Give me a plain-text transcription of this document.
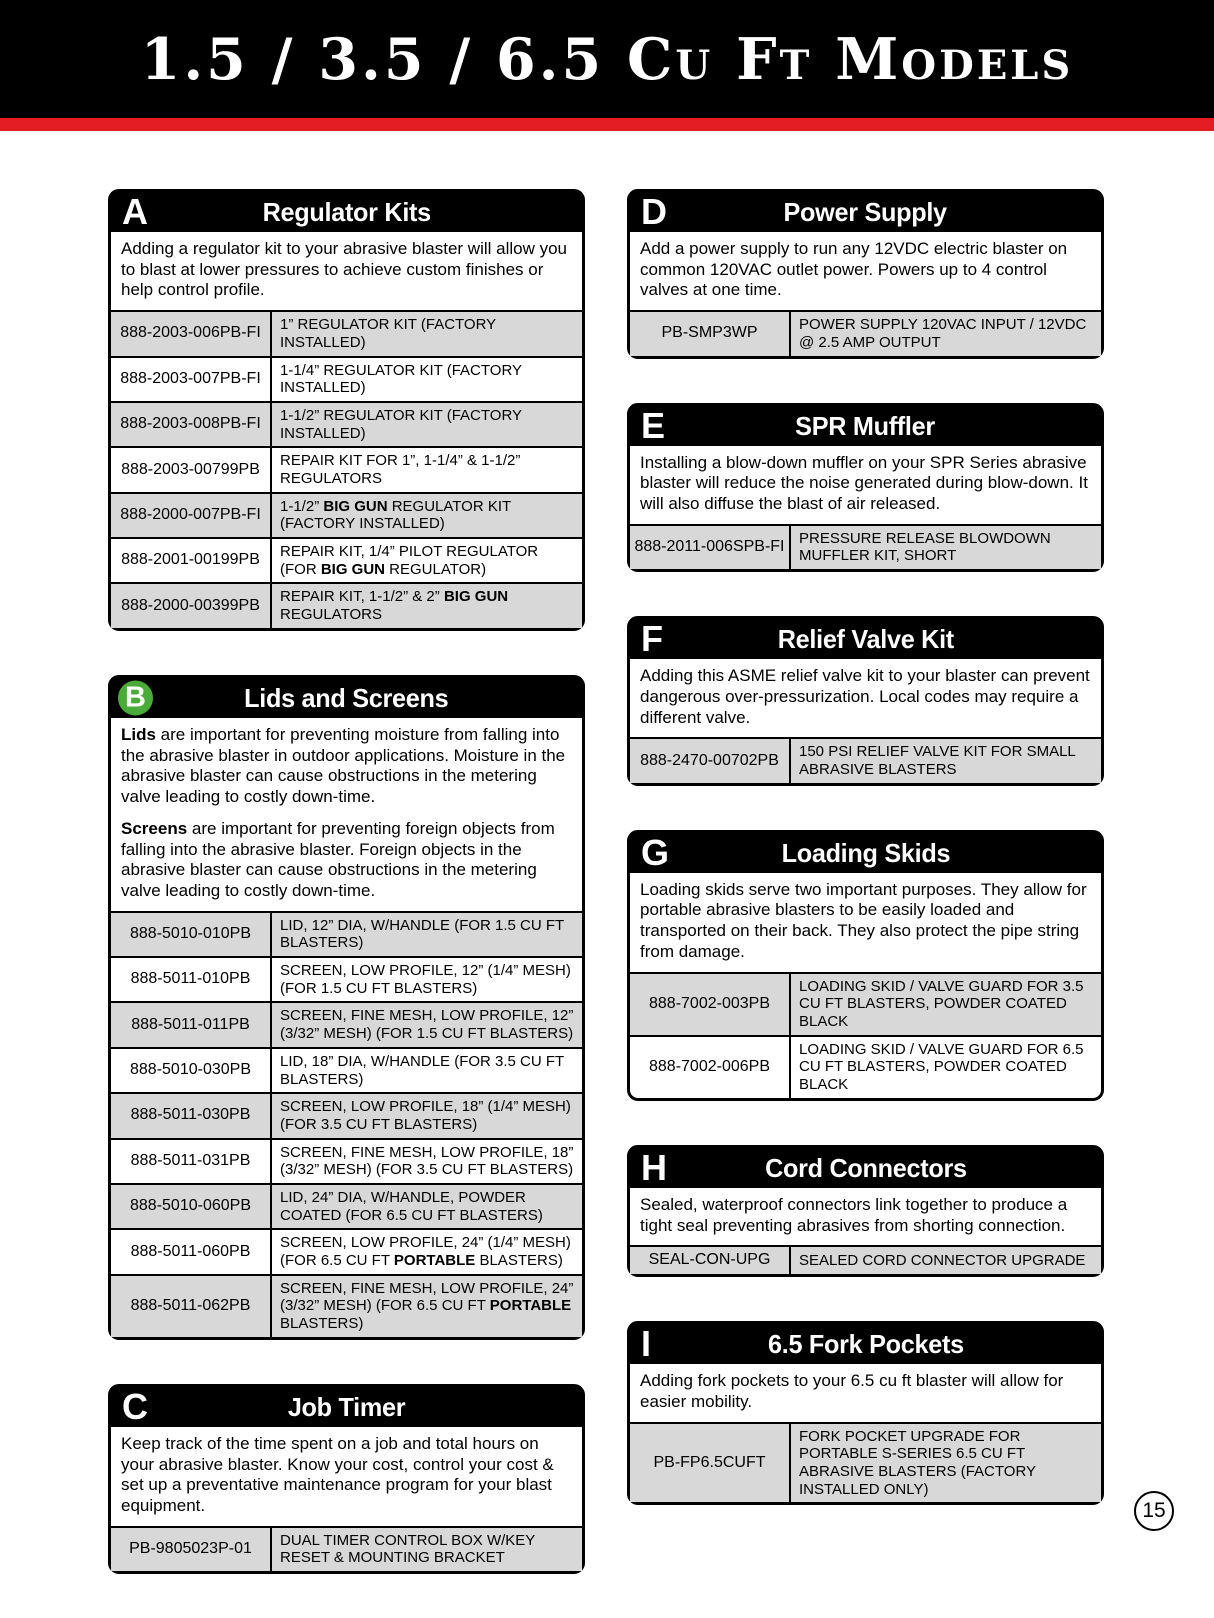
1.5 / 3.5 / 6.5 Cu Ft Models
A	Regulator Kits

Adding a regulator kit to your abrasive blaster will allow you to blast at lower pressures to achieve custom finishes or help control profile.

888-2003-006PB-FI	1” REGULATOR KIT (FACTORY INSTALLED)
888-2003-007PB-FI	1-1/4” REGULATOR KIT (FACTORY INSTALLED)
888-2003-008PB-FI	1-1/2” REGULATOR KIT (FACTORY INSTALLED)
888-2003-00799PB	REPAIR KIT FOR 1”, 1-1/4” & 1-1/2” REGULATORS
888-2000-007PB-FI	1-1/2” BIG GUN REGULATOR KIT (FACTORY INSTALLED)
888-2001-00199PB	REPAIR KIT, 1/4” PILOT REGULATOR (FOR BIG GUN REGULATOR)
888-2000-00399PB	REPAIR KIT, 1-1/2” & 2” BIG GUN REGULATORS
B	Lids and Screens

Lids are important for preventing moisture from falling into the abrasive blaster in outdoor applications. Moisture in the abrasive blaster can cause obstructions in the metering valve leading to costly down-time.

Screens are important for preventing foreign objects from falling into the abrasive blaster. Foreign objects in the abrasive blaster can cause obstructions in the metering valve leading to costly down-time.

888-5010-010PB	LID, 12” DIA, W/HANDLE (FOR 1.5 CU FT BLASTERS)
888-5011-010PB	SCREEN, LOW PROFILE, 12” (1/4” MESH) (FOR 1.5 CU FT BLASTERS)
888-5011-011PB	SCREEN, FINE MESH, LOW PROFILE, 12” (3/32” MESH) (FOR 1.5 CU FT BLASTERS)
888-5010-030PB	LID, 18” DIA, W/HANDLE (FOR 3.5 CU FT BLASTERS)
888-5011-030PB	SCREEN, LOW PROFILE, 18” (1/4” MESH) (FOR 3.5 CU FT BLASTERS)
888-5011-031PB	SCREEN, FINE MESH, LOW PROFILE, 18” (3/32” MESH) (FOR 3.5 CU FT BLASTERS)
888-5010-060PB	LID, 24” DIA, W/HANDLE, POWDER COATED (FOR 6.5 CU FT BLASTERS)
888-5011-060PB	SCREEN, LOW PROFILE, 24” (1/4” MESH) (FOR 6.5 CU FT PORTABLE BLASTERS)
888-5011-062PB	SCREEN, FINE MESH, LOW PROFILE, 24” (3/32” MESH) (FOR 6.5 CU FT PORTABLE BLASTERS)
C	Job Timer

Keep track of the time spent on a job and total hours on your abrasive blaster. Know your cost, control your cost & set up a preventative maintenance program for your blast equipment.

PB-9805023P-01	DUAL TIMER CONTROL BOX W/KEY RESET & MOUNTING BRACKET
D	Power Supply

Add a power supply to run any 12VDC electric blaster on common 120VAC outlet power. Powers up to 4 control valves at one time.

PB-SMP3WP	POWER SUPPLY 120VAC INPUT / 12VDC @ 2.5 AMP OUTPUT
E	SPR Muffler

Installing a blow-down muffler on your SPR Series abrasive blaster will reduce the noise generated during blow-down. It will also diffuse the blast of air released.

888-2011-006SPB-FI	PRESSURE RELEASE BLOWDOWN MUFFLER KIT, SHORT
F	Relief Valve Kit

Adding this ASME relief valve kit to your blaster can prevent dangerous over-pressurization. Local codes may require a different valve.

888-2470-00702PB	150 PSI RELIEF VALVE KIT FOR SMALL ABRASIVE BLASTERS
G	Loading Skids

Loading skids serve two important purposes. They allow for portable abrasive blasters to be easily loaded and transported on their back. They also protect the pipe string from damage.

888-7002-003PB	LOADING SKID / VALVE GUARD FOR 3.5 CU FT BLASTERS, POWDER COATED BLACK
888-7002-006PB	LOADING SKID / VALVE GUARD FOR 6.5 CU FT BLASTERS, POWDER COATED BLACK
H	Cord Connectors

Sealed, waterproof connectors link together to produce a tight seal preventing abrasives from shorting connection.

SEAL-CON-UPG	SEALED CORD CONNECTOR UPGRADE
I	6.5 Fork Pockets

Adding fork pockets to your 6.5 cu ft blaster will allow for easier mobility.

PB-FP6.5CUFT	FORK POCKET UPGRADE FOR PORTABLE S-SERIES 6.5 CU FT ABRASIVE BLASTERS (FACTORY INSTALLED ONLY)
15
